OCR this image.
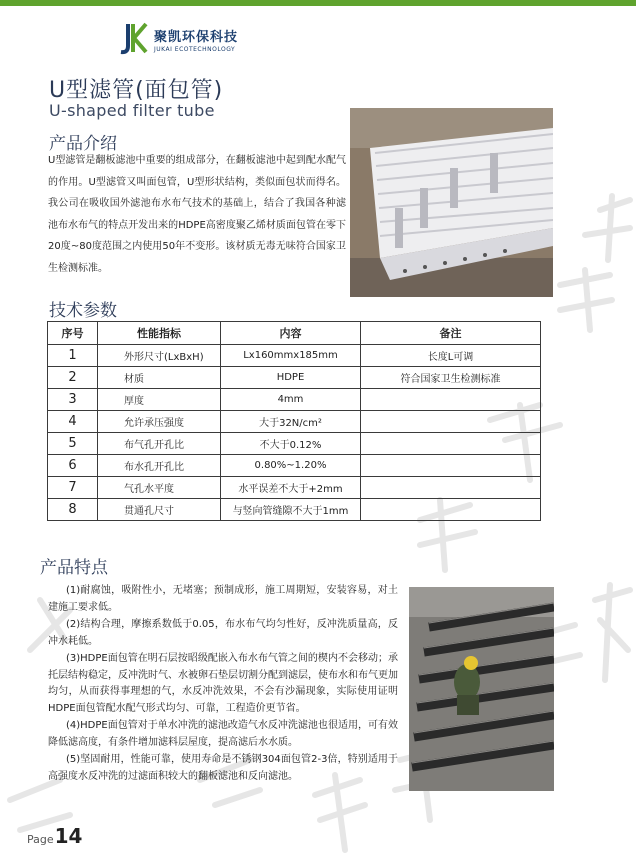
聚凯环保科技
JUKAI ECOTECHNOLOGY
U型滤管(面包管)
U-shaped filter tube
产品介绍

U型滤管是翻板滤池中重要的组成部分，在翻板滤池中起到配水配气的作用。U型滤管又叫面包管，U型形状结构，类似面包状而得名。我公司在吸收国外滤池布水布气技术的基础上，结合了我国各种滤池布水布气的特点开发出来的HDPE高密度聚乙烯材质面包管在零下20度~80度范围之内使用50年不变形。该材质无毒无味符合国家卫生检测标准。

技术参数
序号	性能指标	内容	备注
1	外形尺寸(LxBxH)	Lx160mmx185mm	长度L可调
2	材质	HDPE	符合国家卫生检测标准
3	厚度	4mm	
4	允许承压强度	大于32N/cm²	
5	布气孔开孔比	不大于0.12%	
6	布水孔开孔比	0.80%~1.20%	
7	气孔水平度	水平误差不大于+2mm	
8	贯通孔尺寸	与竖向管缝隙不大于1mm	
产品特点

(1)耐腐蚀，吸附性小，无堵塞；预制成形，施工周期短，安装容易，对土建施工要求低。

(2)结构合理，摩擦系数低于0.05，布水布气均匀性好，反冲洗质量高，反冲水耗低。

(3)HDPE面包管在明石层按昭级配嵌入布水布气管之间的楔内不会移动；承托层结构稳定，反冲洗时气、水被卵石垫层切割分配到滤层，使布水和布气更加均匀，从而获得事理想的气，水反冲洗效果，不会有沙漏现象，实际使用证明HDPE面包管配水配气形式均匀、可靠，工程造价更节省。

(4)HDPE面包管对于单水冲洗的滤池改造气水反冲洗滤池也很适用，可有效降低滤高度，有条件增加滤料层屋度，提高滤后水水质。

(5)坚固耐用，性能可靠，使用寿命是不锈钢304面包管2-3倍，特别适用于高强度水反冲洗的过滤面积较大的翻板滤池和反向滤池。

Page14
